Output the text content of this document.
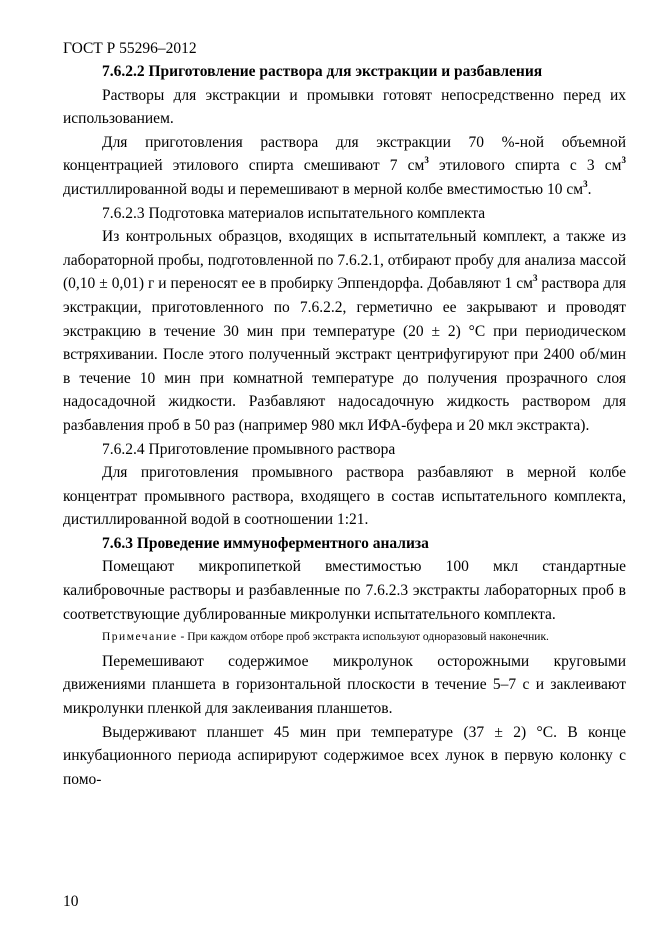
ГОСТ Р 55296–2012

7.6.2.2 Приготовление раствора для экстракции и разбавления

Растворы для экстракции и промывки готовят непосредственно перед их использованием.

Для приготовления раствора для экстракции 70 %-ной объемной концентрацией этилового спирта смешивают 7 $см^3$ этилового спирта с 3 $см^3$ дистиллированной воды и перемешивают в мерной колбе вместимостью 10 $см^3$.

7.6.2.3 Подготовка материалов испытательного комплекта

Из контрольных образцов, входящих в испытательный комплект, а также из лабораторной пробы, подготовленной по 7.6.2.1, отбирают пробу для анализа массой (0,10 ± 0,01) г и переносят ее в пробирку Эппендорфа. Добавляют 1 $см^3$ раствора для экстракции, приготовленного по 7.6.2.2, герметично ее закрывают и проводят экстракцию в течение 30 мин при температуре (20 ± 2) °С при периодическом встряхивании. После этого полученный экстракт центрифугируют при 2400 об/мин в течение 10 мин при комнатной температуре до получения прозрачного слоя надосадочной жидкости. Разбавляют надосадочную жидкость раствором для разбавления проб в 50 раз (например 980 мкл ИФА-буфера и 20 мкл экстракта).

7.6.2.4 Приготовление промывного раствора

Для приготовления промывного раствора разбавляют в мерной колбе концентрат промывного раствора, входящего в состав испытательного комплекта, дистиллированной водой в соотношении 1:21.

7.6.3 Проведение иммуноферментного анализа

Помещают микропипеткой вместимостью 100 мкл стандартные калибровочные растворы и разбавленные по 7.6.2.3 экстракты лабораторных проб в соответствующие дублированные микролунки испытательного комплекта.

Примечание - При каждом отборе проб экстракта используют одноразовый наконечник.

Перемешивают содержимое микролунок осторожными круговыми движениями планшета в горизонтальной плоскости в течение 5–7 с и заклеивают микролунки пленкой для заклеивания планшетов.

Выдерживают планшет 45 мин при температуре (37 ± 2) °С. В конце инкубационного периода аспирируют содержимое всех лунок в первую колонку с помо-

10
